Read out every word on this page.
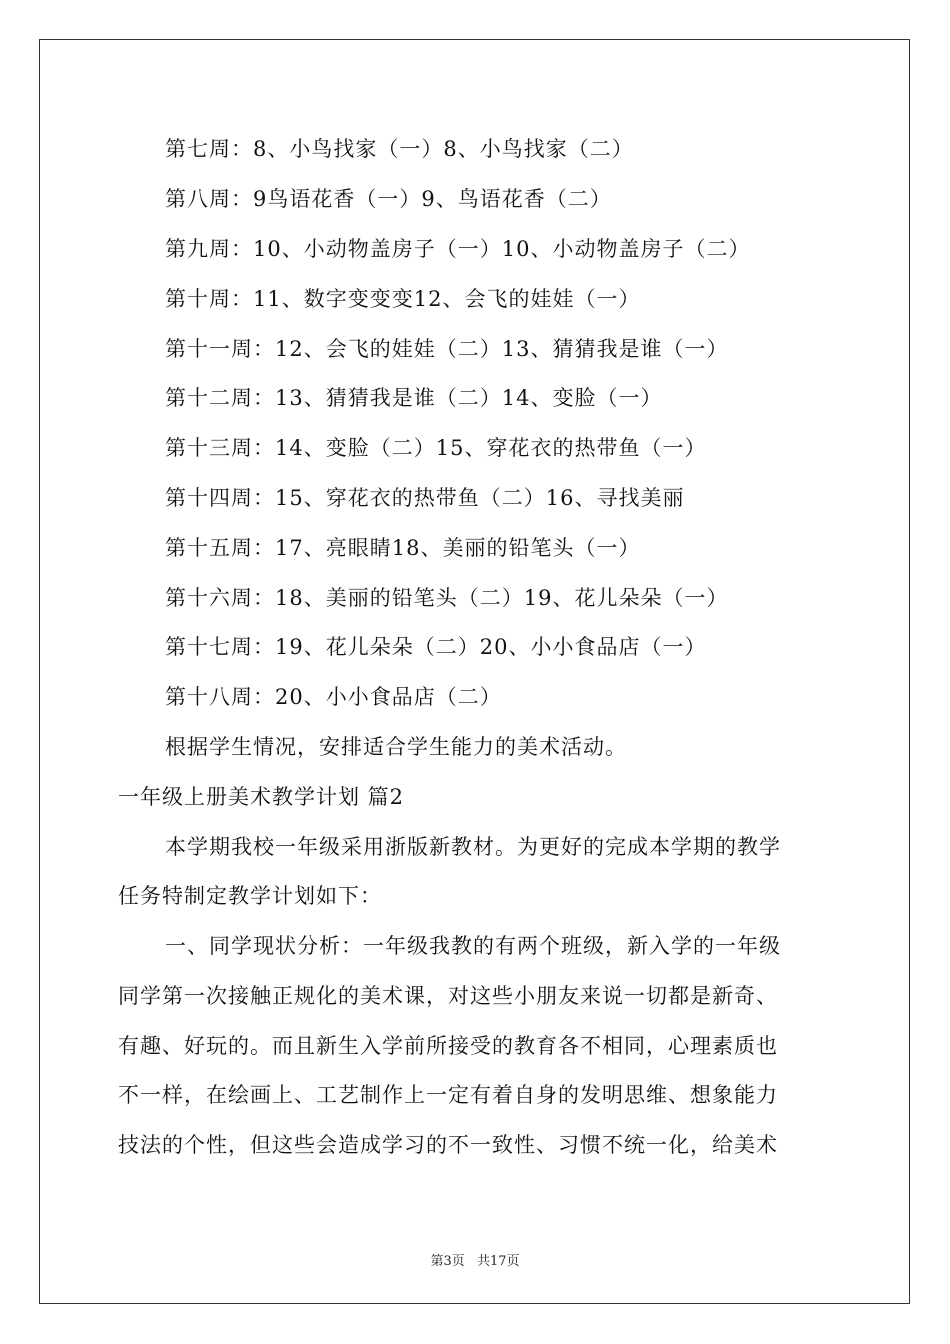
第七周：8、小鸟找家（一）8、小鸟找家（二）
第八周：9鸟语花香（一）9、鸟语花香（二）
第九周：10、小动物盖房子（一）10、小动物盖房子（二）
第十周：11、数字变变变12、会飞的娃娃（一）
第十一周：12、会飞的娃娃（二）13、猜猜我是谁（一）
第十二周：13、猜猜我是谁（二）14、变脸（一）
第十三周：14、变脸（二）15、穿花衣的热带鱼（一）
第十四周：15、穿花衣的热带鱼（二）16、寻找美丽
第十五周：17、亮眼睛18、美丽的铅笔头（一）
第十六周：18、美丽的铅笔头（二）19、花儿朵朵（一）
第十七周：19、花儿朵朵（二）20、小小食品店（一）
第十八周：20、小小食品店（二）
根据学生情况，安排适合学生能力的美术活动。
一年级上册美术教学计划 篇2
本学期我校一年级采用浙版新教材。为更好的完成本学期的教学
任务特制定教学计划如下：
一、同学现状分析：一年级我教的有两个班级，新入学的一年级
同学第一次接触正规化的美术课，对这些小朋友来说一切都是新奇、
有趣、好玩的。而且新生入学前所接受的教育各不相同，心理素质也
不一样，在绘画上、工艺制作上一定有着自身的发明思维、想象能力
技法的个性，但这些会造成学习的不一致性、习惯不统一化，给美术
第3页 共17页
